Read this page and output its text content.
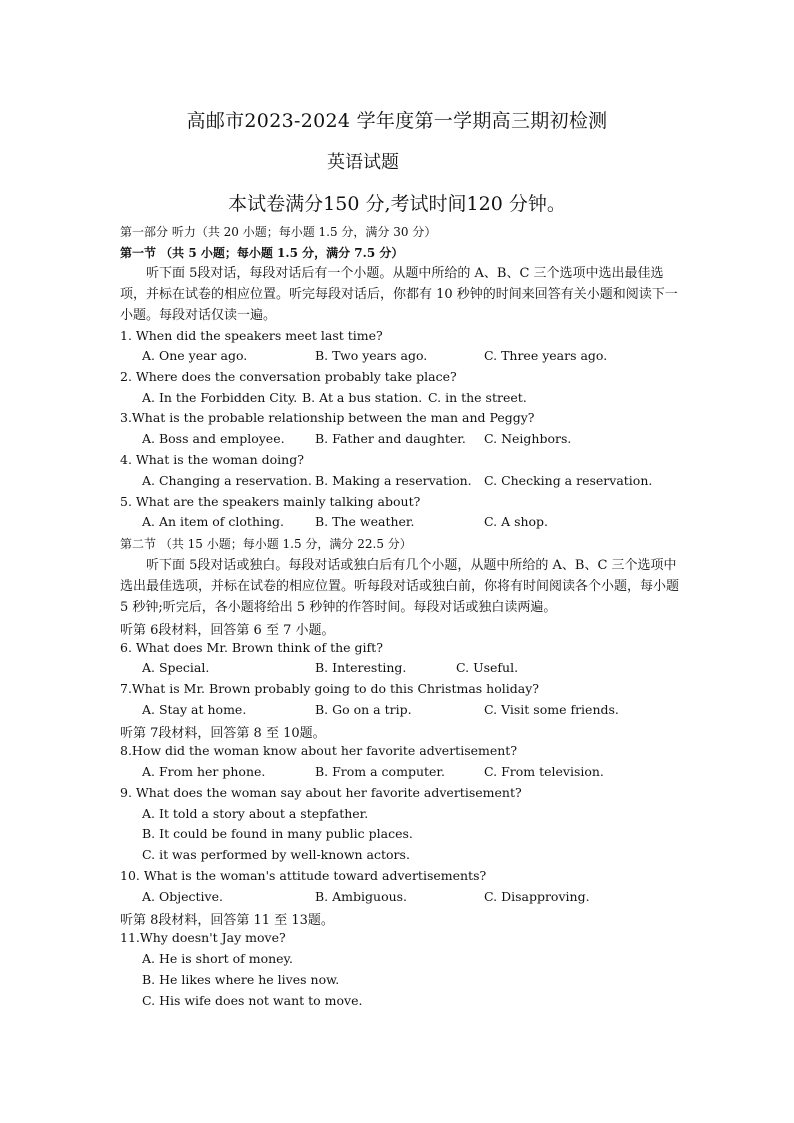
高邮市2023-2024 学年度第一学期高三期初检测
英语试题
本试卷满分150 分,考试时间120 分钟。
第一部分 听力（共 20 小题；每小题 1.5 分，满分 30 分）
第一节 （共 5 小题；每小题 1.5 分，满分 7.5 分）
听下面 5段对话，每段对话后有一个小题。从题中所给的 A、B、C 三个选项中选出最佳选项，并标在试卷的相应位置。听完每段对话后，你都有 10 秒钟的时间来回答有关小题和阅读下一小题。每段对话仅读一遍。
1. When did the speakers meet last time?
A. One year ago.	B. Two years ago.	C. Three years ago.
2. Where does the conversation probably take place?
A. In the Forbidden City. B. At a bus station. C. in the street.
3.What is the probable relationship between the man and Peggy?
A. Boss and employee. B. Father and daughter. C. Neighbors.
4. What is the woman doing?
A. Changing a reservation. B. Making a reservation. C. Checking a reservation.
5. What are the speakers mainly talking about?
A. An item of clothing. B. The weather.	C. A shop.
第二节 （共 15 小题；每小题 1.5 分，满分 22.5 分）
听下面 5段对话或独白。每段对话或独白后有几个小题，从题中所给的 A、B、C 三个选项中选出最佳选项，并标在试卷的相应位置。听每段对话或独白前，你将有时间阅读各个小题，每小题 5 秒钟;听完后，各小题将给出 5 秒钟的作答时间。每段对话或独白读两遍。
听第 6段材料，回答第 6 至 7 小题。
6. What does Mr. Brown think of the gift?
A. Special.	B. Interesting.	C. Useful.
7.What is Mr. Brown probably going to do this Christmas holiday?
A. Stay at home.	B. Go on a trip.	C. Visit some friends.
听第 7段材料，回答第 8 至 10题。
8.How did the woman know about her favorite advertisement?
A. From her phone.	B. From a computer.	C. From television.
9. What does the woman say about her favorite advertisement?
A. It told a story about a stepfather.
B. It could be found in many public places.
C. it was performed by well-known actors.
10. What is the woman's attitude toward advertisements?
A. Objective.	B. Ambiguous.	C. Disapproving.
听第 8段材料，回答第 11 至 13题。
11.Why doesn't Jay move?
A. He is short of money.
B. He likes where he lives now.
C. His wife does not want to move.
